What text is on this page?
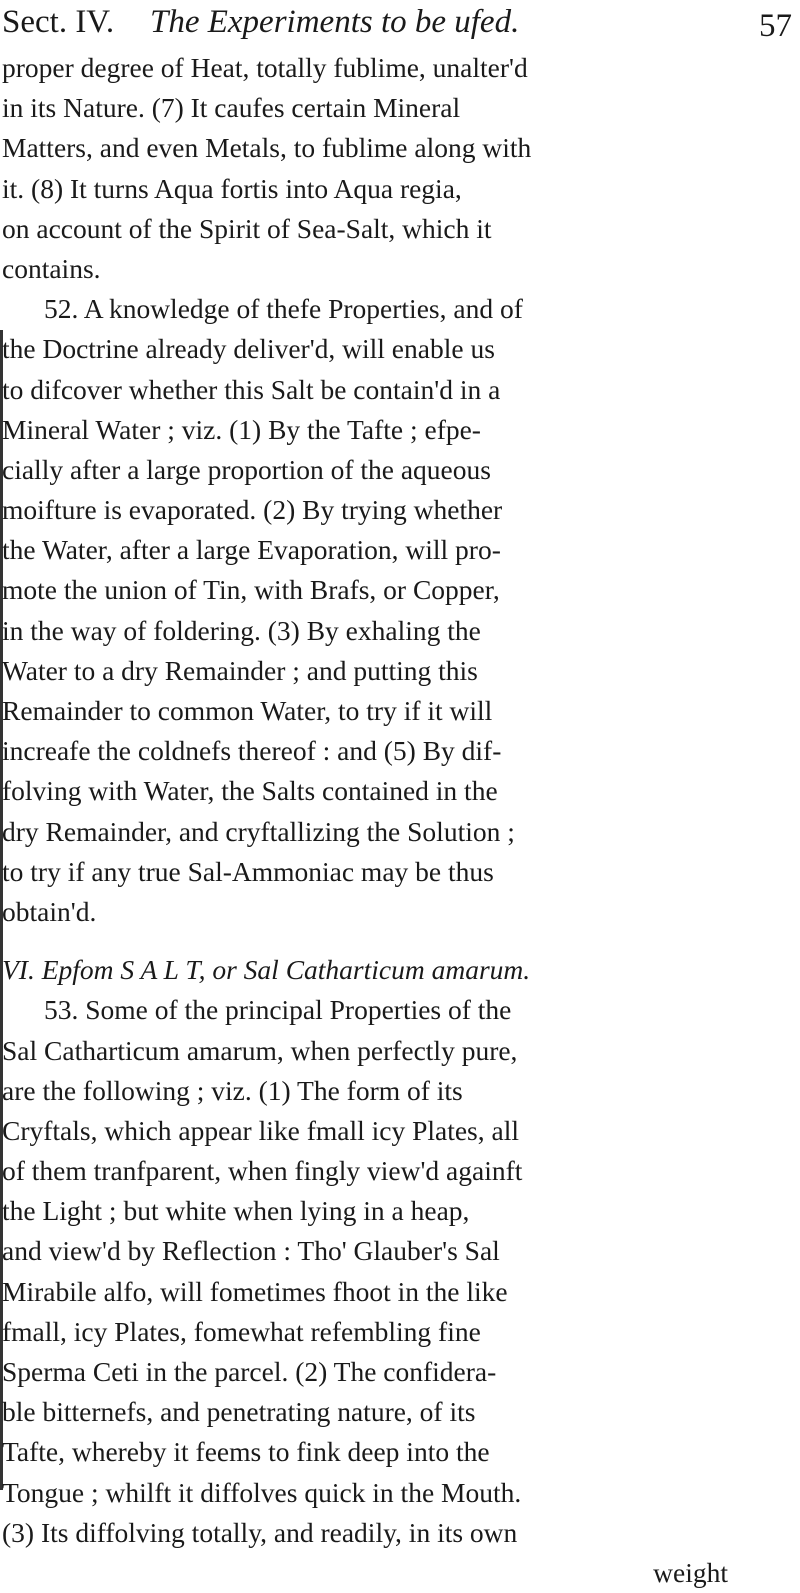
Sect. IV. The Experiments to be ufed.	57
proper degree of Heat, totally fublime, unalter'd
in its Nature. (7) It caufes certain Mineral
Matters, and even Metals, to fublime along with
it. (8) It turns Aqua fortis into Aqua regia,
on account of the Spirit of Sea-Salt, which it
contains.
52. A knowledge of thefe Properties, and of
the Doctrine already deliver'd, will enable us
to difcover whether this Salt be contain'd in a
Mineral Water ; viz. (1) By the Tafte ; efpe-
cially after a large proportion of the aqueous
moifture is evaporated. (2) By trying whether
the Water, after a large Evaporation, will pro-
mote the union of Tin, with Brafs, or Copper,
in the way of foldering. (3) By exhaling the
Water to a dry Remainder ; and putting this
Remainder to common Water, to try if it will
increafe the coldnefs thereof : and (5) By dif-
folving with Water, the Salts contained in the
dry Remainder, and cryftallizing the Solution ;
to try if any true Sal-Ammoniac may be thus
obtain'd.
VI. Epfom S A L T, or Sal Catharticum amarum.
53. Some of the principal Properties of the
Sal Catharticum amarum, when perfectly pure,
are the following ; viz. (1) The form of its
Cryftals, which appear like fmall icy Plates, all
of them tranfparent, when fingly view'd againft
the Light ; but white when lying in a heap,
and view'd by Reflection : Tho' Glauber's Sal
Mirabile alfo, will fometimes fhoot in the like
fmall, icy Plates, fomewhat refembling fine
Sperma Ceti in the parcel. (2) The confidera-
ble bitternefs, and penetrating nature, of its
Tafte, whereby it feems to fink deep into the
Tongue ; whilft it diffolves quick in the Mouth.
(3) Its diffolving totally, and readily, in its own
weight
